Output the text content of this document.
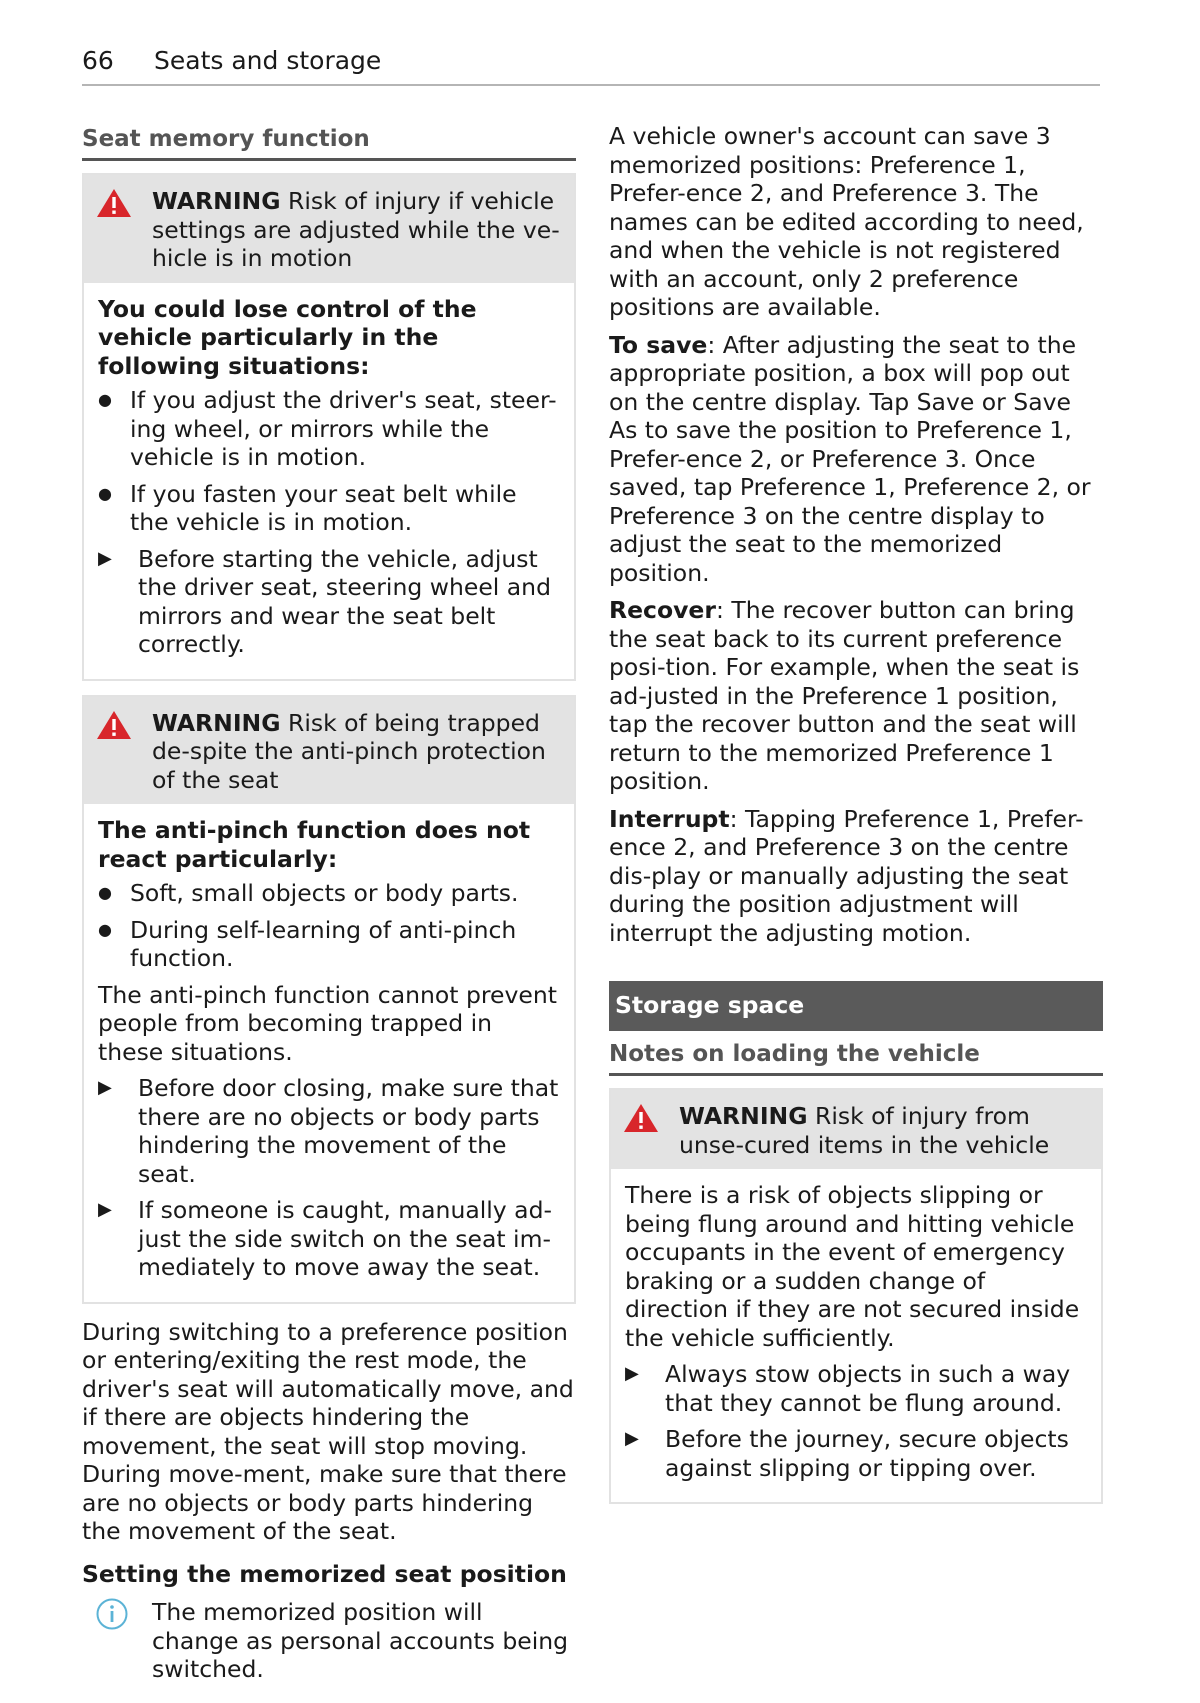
66 Seats and storage
Seat memory function
WARNING Risk of injury if vehicle settings are adjusted while the ve-hicle is in motion
You could lose control of the vehicle particularly in the following situations:
● If you adjust the driver's seat, steer-ing wheel, or mirrors while the vehicle is in motion.
● If you fasten your seat belt while the vehicle is in motion.
▶	Before starting the vehicle, adjust the driver seat, steering wheel and mirrors and wear the seat belt correctly.
WARNING Risk of being trapped de-spite the anti-pinch protection of the seat
The anti-pinch function does not react particularly:
● Soft, small objects or body parts.
● During self-learning of anti-pinch function.
The anti-pinch function cannot prevent people from becoming trapped in these situations.
▶	Before door closing, make sure that there are no objects or body parts hindering the movement of the seat.
▶	If someone is caught, manually ad-just the side switch on the seat im-mediately to move away the seat.
During switching to a preference position or entering/exiting the rest mode, the driver's seat will automatically move, and if there are objects hindering the movement, the seat will stop moving. During move-ment, make sure that there are no objects or body parts hindering the movement of the seat.
Setting the memorized seat position
The memorized position will change as personal accounts being switched.
A vehicle owner's account can save 3 memorized positions: Preference 1, Prefer-ence 2, and Preference 3. The names can be edited according to need, and when the vehicle is not registered with an account, only 2 preference positions are available.
To save: After adjusting the seat to the appropriate position, a box will pop out on the centre display. Tap Save or Save As to save the position to Preference 1, Prefer-ence 2, or Preference 3. Once saved, tap Preference 1, Preference 2, or Preference 3 on the centre display to adjust the seat to the memorized position.
Recover: The recover button can bring the seat back to its current preference posi-tion. For example, when the seat is ad-justed in the Preference 1 position, tap the recover button and the seat will return to the memorized Preference 1 position.
Interrupt: Tapping Preference 1, Prefer-ence 2, and Preference 3 on the centre dis-play or manually adjusting the seat during the position adjustment will interrupt the adjusting motion.
Storage space
Notes on loading the vehicle
WARNING Risk of injury from unse-cured items in the vehicle
There is a risk of objects slipping or being flung around and hitting vehicle occupants in the event of emergency braking or a sudden change of direction if they are not secured inside the vehicle sufficiently.
▶	Always stow objects in such a way that they cannot be flung around.
▶	Before the journey, secure objects against slipping or tipping over.
